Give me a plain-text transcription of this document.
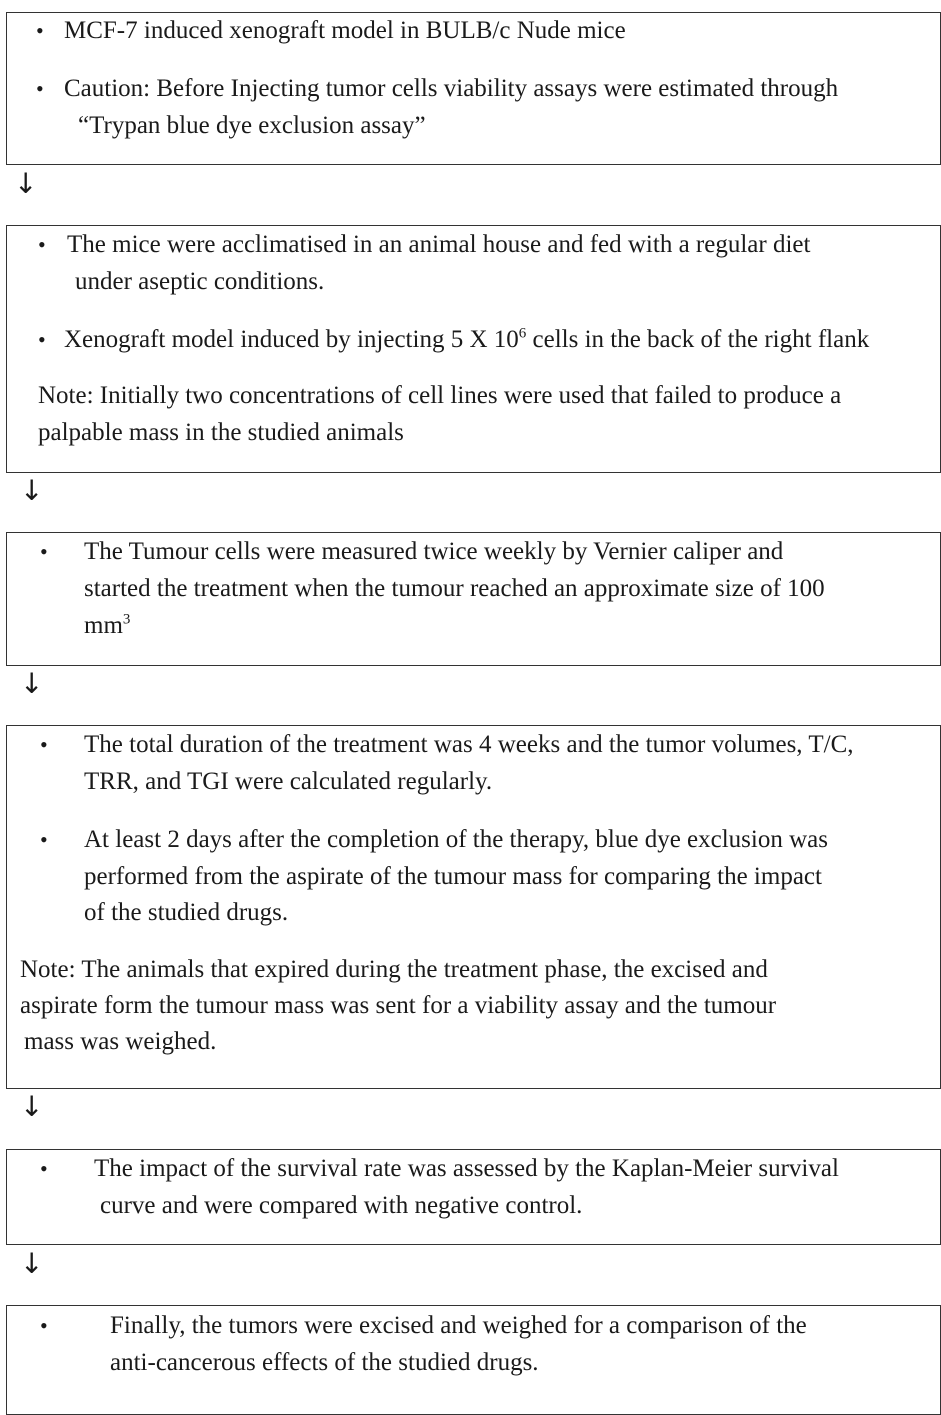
• MCF-7 induced xenograft model in BULB/c Nude mice
• Caution: Before Injecting tumor cells viability assays were estimated through
“Trypan blue dye exclusion assay”
↓
• The mice were acclimatised in an animal house and fed with a regular diet
under aseptic conditions.
• Xenograft model induced by injecting 5 X $10^6$ cells in the back of the right flank
Note: Initially two concentrations of cell lines were used that failed to produce a
palpable mass in the studied animals
↓
• The Tumour cells were measured twice weekly by Vernier caliper and
started the treatment when the tumour reached an approximate size of 100
$mm^3$
↓
• The total duration of the treatment was 4 weeks and the tumor volumes, T/C,
TRR, and TGI were calculated regularly.
• At least 2 days after the completion of the therapy, blue dye exclusion was
performed from the aspirate of the tumour mass for comparing the impact
of the studied drugs.
Note: The animals that expired during the treatment phase, the excised and
aspirate form the tumour mass was sent for a viability assay and the tumour
mass was weighed.
↓
• The impact of the survival rate was assessed by the Kaplan-Meier survival
curve and were compared with negative control.
↓
• Finally, the tumors were excised and weighed for a comparison of the
anti-cancerous effects of the studied drugs.
